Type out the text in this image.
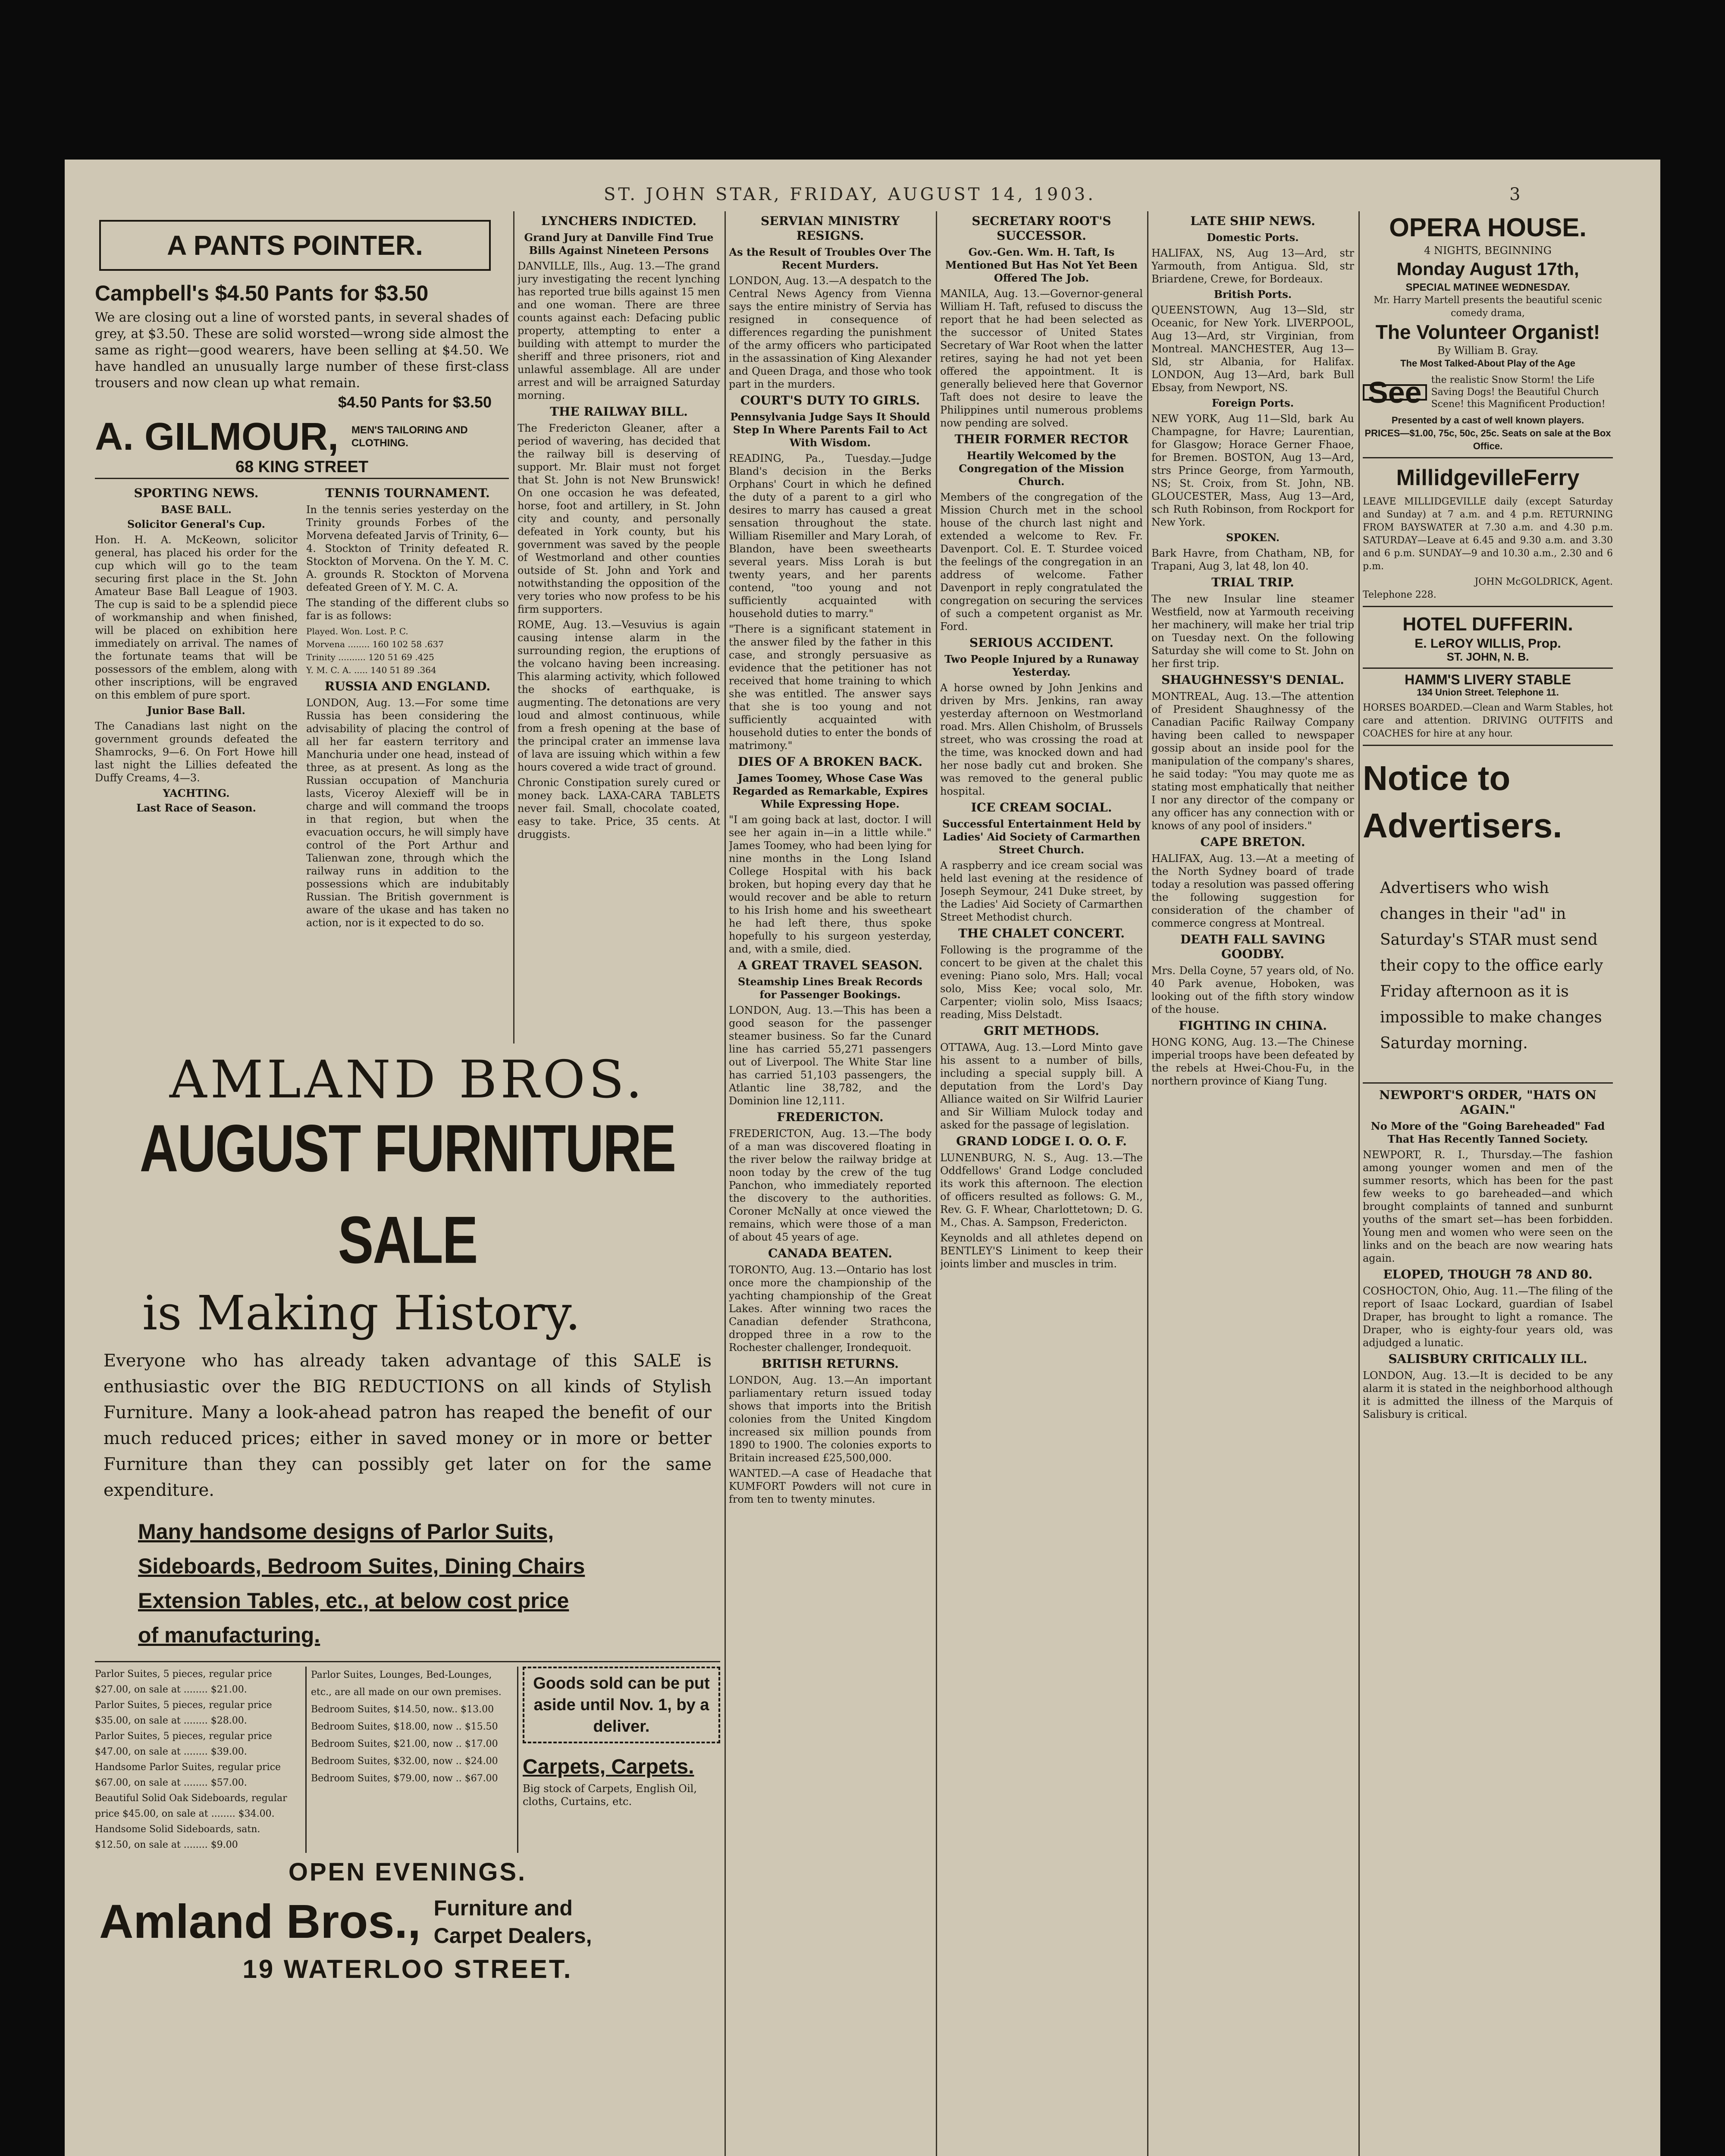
ST. JOHN STAR, FRIDAY, AUGUST 14, 1903.	3
A PANTS POINTER.
Campbell's $4.50 Pants for $3.50
We are closing out a line of worsted pants, in several shades of grey, at $3.50. These are solid worsted—wrong side almost the same as right—good wearers, have been selling at $4.50. We have handled an unusually large number of these first-class trousers and now clean up what remain.
$4.50 Pants for $3.50
A. GILMOUR, MEN'S TAILORING AND CLOTHING.
68 KING STREET
SPORTING NEWS.
BASE BALL.
Solicitor General's Cup.
Hon. H. A. McKeown, solicitor general, has placed his order for the cup which will go to the team securing first place in the St. John Amateur Base Ball League of 1903. The cup is said to be a splendid piece of workmanship and when finished, will be placed on exhibition here immediately on arrival. The names of the fortunate teams that will be possessors of the emblem, along with other inscriptions, will be engraved on this emblem of pure sport.
Junior Base Ball.
The Canadians last night on the government grounds defeated the Shamrocks, 9—6. On Fort Howe hill last night the Lillies defeated the Duffy Creams, 4—3.
YACHTING.
Last Race of Season.
TENNIS TOURNAMENT.
In the tennis series yesterday on the Trinity grounds Forbes of the Morvena defeated Jarvis of Trinity, 6—4. Stockton of Trinity defeated R. Stockton of Morvena. On the Y. M. C. A. grounds R. Stockton of Morvena defeated Green of Y. M. C. A.
The standing of the different clubs so far is as follows:
Played. Won. Lost. P. C.
Morvena ........ 160 102 58 .637
Trinity .......... 120 51 69 .425
Y. M. C. A. ..... 140 51 89 .364
RUSSIA AND ENGLAND.
LONDON, Aug. 13.—For some time Russia has been considering the advisability of placing the control of all her far eastern territory and Manchuria under one head, instead of three, as at present. As long as the Russian occupation of Manchuria lasts, Viceroy Alexieff will be in charge and will command the troops in that region, but when the evacuation occurs, he will simply have control of the Port Arthur and Talienwan zone, through which the railway runs in addition to the possessions which are indubitably Russian. The British government is aware of the ukase and has taken no action, nor is it expected to do so.
AMLAND BROS.
AUGUST FURNITURE SALE
is Making History.
Everyone who has already taken advantage of this SALE is enthusiastic over the BIG REDUCTIONS on all kinds of Stylish Furniture. Many a look-ahead patron has reaped the benefit of our much reduced prices; either in saved money or in more or better Furniture than they can possibly get later on for the same expenditure.
Many handsome designs of Parlor Suits,
Sideboards, Bedroom Suites, Dining Chairs
Extension Tables, etc., at below cost price
of manufacturing.
Parlor Suites, 5 pieces, regular price $27.00, on sale at ........ $21.00.
Parlor Suites, 5 pieces, regular price $35.00, on sale at ........ $28.00.
Parlor Suites, 5 pieces, regular price $47.00, on sale at ........ $39.00.
Handsome Parlor Suites, regular price $67.00, on sale at ........ $57.00.
Beautiful Solid Oak Sideboards, regular price $45.00, on sale at ........ $34.00.
Handsome Solid Sideboards, satn. $12.50, on sale at ........ $9.00
Parlor Suites, Lounges, Bed-Lounges, etc., are all made on our own premises.
Bedroom Suites, $14.50, now.. $13.00
Bedroom Suites, $18.00, now .. $15.50
Bedroom Suites, $21.00, now .. $17.00
Bedroom Suites, $32.00, now .. $24.00
Bedroom Suites, $79.00, now .. $67.00
Goods sold can be put aside until Nov. 1, by a deliver.
Carpets, Carpets.
Big stock of Carpets, English Oil, cloths, Curtains, etc.
OPEN EVENINGS.
Amland Bros., Furniture and Carpet Dealers,
19 WATERLOO STREET.
LYNCHERS INDICTED.
Grand Jury at Danville Find True Bills Against Nineteen Persons
DANVILLE, Ills., Aug. 13.—The grand jury investigating the recent lynching has reported true bills against 15 men and one woman. There are three counts against each: Defacing public property, attempting to enter a building with attempt to murder the sheriff and three prisoners, riot and unlawful assemblage. All are under arrest and will be arraigned Saturday morning.
THE RAILWAY BILL.
The Fredericton Gleaner, after a period of wavering, has decided that the railway bill is deserving of support. Mr. Blair must not forget that St. John is not New Brunswick! On one occasion he was defeated, horse, foot and artillery, in St. John city and county, and personally defeated in York county, but his government was saved by the people of Westmorland and other counties outside of St. John and York and notwithstanding the opposition of the very tories who now profess to be his firm supporters.
ROME, Aug. 13.—Vesuvius is again causing intense alarm in the surrounding region, the eruptions of the volcano having been increasing. This alarming activity, which followed the shocks of earthquake, is augmenting. The detonations are very loud and almost continuous, while from a fresh opening at the base of the principal crater an immense lava of lava are issuing which within a few hours covered a wide tract of ground.
Chronic Constipation surely cured or money back. LAXA-CARA TABLETS never fail. Small, chocolate coated, easy to take. Price, 35 cents. At druggists.
SERVIAN MINISTRY RESIGNS.
As the Result of Troubles Over The Recent Murders.
LONDON, Aug. 13.—A despatch to the Central News Agency from Vienna says the entire ministry of Servia has resigned in consequence of differences regarding the punishment of the army officers who participated in the assassination of King Alexander and Queen Draga, and those who took part in the murders.
COURT'S DUTY TO GIRLS.
Pennsylvania Judge Says It Should Step In Where Parents Fail to Act With Wisdom.
READING, Pa., Tuesday.—Judge Bland's decision in the Berks Orphans' Court in which he defined the duty of a parent to a girl who desires to marry has caused a great sensation throughout the state. William Risemiller and Mary Lorah, of Blandon, have been sweethearts several years. Miss Lorah is but twenty years, and her parents contend, "too young and not sufficiently acquainted with household duties to marry."
"There is a significant statement in the answer filed by the father in this case, and strongly persuasive as evidence that the petitioner has not received that home training to which she was entitled. The answer says that she is too young and not sufficiently acquainted with household duties to enter the bonds of matrimony."
DIES OF A BROKEN BACK.
James Toomey, Whose Case Was Regarded as Remarkable, Expires While Expressing Hope.
"I am going back at last, doctor. I will see her again in—in a little while." James Toomey, who had been lying for nine months in the Long Island College Hospital with his back broken, but hoping every day that he would recover and be able to return to his Irish home and his sweetheart he had left there, thus spoke hopefully to his surgeon yesterday, and, with a smile, died.
A GREAT TRAVEL SEASON.
Steamship Lines Break Records for Passenger Bookings.
LONDON, Aug. 13.—This has been a good season for the passenger steamer business. So far the Cunard line has carried 55,271 passengers out of Liverpool. The White Star line has carried 51,103 passengers, the Atlantic line 38,782, and the Dominion line 12,111.
FREDERICTON.
FREDERICTON, Aug. 13.—The body of a man was discovered floating in the river below the railway bridge at noon today by the crew of the tug Panchon, who immediately reported the discovery to the authorities. Coroner McNally at once viewed the remains, which were those of a man of about 45 years of age.
CANADA BEATEN.
TORONTO, Aug. 13.—Ontario has lost once more the championship of the yachting championship of the Great Lakes. After winning two races the Canadian defender Strathcona, dropped three in a row to the Rochester challenger, Irondequoit.
BRITISH RETURNS.
LONDON, Aug. 13.—An important parliamentary return issued today shows that imports into the British colonies from the United Kingdom increased six million pounds from 1890 to 1900. The colonies exports to Britain increased £25,500,000.
WANTED.—A case of Headache that KUMFORT Powders will not cure in from ten to twenty minutes.
SECRETARY ROOT'S SUCCESSOR.
Gov.-Gen. Wm. H. Taft, Is Mentioned But Has Not Yet Been Offered The Job.
MANILA, Aug. 13.—Governor-general William H. Taft, refused to discuss the report that he had been selected as the successor of United States Secretary of War Root when the latter retires, saying he had not yet been offered the appointment. It is generally believed here that Governor Taft does not desire to leave the Philippines until numerous problems now pending are solved.
THEIR FORMER RECTOR
Heartily Welcomed by the Congregation of the Mission Church.
Members of the congregation of the Mission Church met in the school house of the church last night and extended a welcome to Rev. Fr. Davenport. Col. E. T. Sturdee voiced the feelings of the congregation in an address of welcome. Father Davenport in reply congratulated the congregation on securing the services of such a competent organist as Mr. Ford.
SERIOUS ACCIDENT.
Two People Injured by a Runaway Yesterday.
A horse owned by John Jenkins and driven by Mrs. Jenkins, ran away yesterday afternoon on Westmorland road. Mrs. Allen Chisholm, of Brussels street, who was crossing the road at the time, was knocked down and had her nose badly cut and broken. She was removed to the general public hospital.
ICE CREAM SOCIAL.
Successful Entertainment Held by Ladies' Aid Society of Carmarthen Street Church.
A raspberry and ice cream social was held last evening at the residence of Joseph Seymour, 241 Duke street, by the Ladies' Aid Society of Carmarthen Street Methodist church.
THE CHALET CONCERT.
Following is the programme of the concert to be given at the chalet this evening: Piano solo, Mrs. Hall; vocal solo, Miss Kee; vocal solo, Mr. Carpenter; violin solo, Miss Isaacs; reading, Miss Delstadt.
GRIT METHODS.
OTTAWA, Aug. 13.—Lord Minto gave his assent to a number of bills, including a special supply bill. A deputation from the Lord's Day Alliance waited on Sir Wilfrid Laurier and Sir William Mulock today and asked for the passage of legislation.
GRAND LODGE I. O. O. F.
LUNENBURG, N. S., Aug. 13.—The Oddfellows' Grand Lodge concluded its work this afternoon. The election of officers resulted as follows: G. M., Rev. G. F. Whear, Charlottetown; D. G. M., Chas. A. Sampson, Fredericton.
Keynolds and all athletes depend on BENTLEY'S Liniment to keep their joints limber and muscles in trim.
LATE SHIP NEWS.
Domestic Ports.
HALIFAX, NS, Aug 13—Ard, str Yarmouth, from Antigua. Sld, str Briardene, Crewe, for Bordeaux.
British Ports.
QUEENSTOWN, Aug 13—Sld, str Oceanic, for New York. LIVERPOOL, Aug 13—Ard, str Virginian, from Montreal. MANCHESTER, Aug 13—Sld, str Albania, for Halifax. LONDON, Aug 13—Ard, bark Bull Ebsay, from Newport, NS.
Foreign Ports.
NEW YORK, Aug 11—Sld, bark Au Champagne, for Havre; Laurentian, for Glasgow; Horace Gerner Fhaoe, for Bremen. BOSTON, Aug 13—Ard, strs Prince George, from Yarmouth, NS; St. Croix, from St. John, NB. GLOUCESTER, Mass, Aug 13—Ard, sch Ruth Robinson, from Rockport for New York.
SPOKEN.
Bark Havre, from Chatham, NB, for Trapani, Aug 3, lat 48, lon 40.
TRIAL TRIP.
The new Insular line steamer Westfield, now at Yarmouth receiving her machinery, will make her trial trip on Tuesday next. On the following Saturday she will come to St. John on her first trip.
SHAUGHNESSY'S DENIAL.
MONTREAL, Aug. 13.—The attention of President Shaughnessy of the Canadian Pacific Railway Company having been called to newspaper gossip about an inside pool for the manipulation of the company's shares, he said today: "You may quote me as stating most emphatically that neither I nor any director of the company or any officer has any connection with or knows of any pool of insiders."
CAPE BRETON.
HALIFAX, Aug. 13.—At a meeting of the North Sydney board of trade today a resolution was passed offering the following suggestion for consideration of the chamber of commerce congress at Montreal.
DEATH FALL SAVING GOODBY.
Mrs. Della Coyne, 57 years old, of No. 40 Park avenue, Hoboken, was looking out of the fifth story window of the house.
FIGHTING IN CHINA.
HONG KONG, Aug. 13.—The Chinese imperial troops have been defeated by the rebels at Hwei-Chou-Fu, in the northern province of Kiang Tung.
OPERA HOUSE.
4 NIGHTS, BEGINNING
Monday August 17th,
SPECIAL MATINEE WEDNESDAY.
Mr. Harry Martell presents the beautiful scenic comedy drama,
The Volunteer Organist!
By William B. Gray.
The Most Talked-About Play of the Age
See	the realistic Snow Storm! the Life Saving Dogs! the Beautiful Church Scene! this Magnificent Production!
Presented by a cast of well known players.
PRICES—$1.00, 75c, 50c, 25c. Seats on sale at the Box Office.
MillidgevilleFerry
LEAVE MILLIDGEVILLE daily (except Saturday and Sunday) at 7 a.m. and 4 p.m. RETURNING FROM BAYSWATER at 7.30 a.m. and 4.30 p.m. SATURDAY—Leave at 6.45 and 9.30 a.m. and 3.30 and 6 p.m. SUNDAY—9 and 10.30 a.m., 2.30 and 6 p.m.
JOHN McGOLDRICK, Agent.
Telephone 228.
HOTEL DUFFERIN.
E. LeROY WILLIS, Prop.
ST. JOHN, N. B.
HAMM'S LIVERY STABLE
134 Union Street. Telephone 11.
HORSES BOARDED.—Clean and Warm Stables, hot care and attention. DRIVING OUTFITS and COACHES for hire at any hour.
Notice to
Advertisers.
Advertisers who wish changes in their "ad" in Saturday's STAR must send their copy to the office early Friday afternoon as it is impossible to make changes Saturday morning.
NEWPORT'S ORDER, "HATS ON AGAIN."
No More of the "Going Bareheaded" Fad That Has Recently Tanned Society.
NEWPORT, R. I., Thursday.—The fashion among younger women and men of the summer resorts, which has been for the past few weeks to go bareheaded—and which brought complaints of tanned and sunburnt youths of the smart set—has been forbidden. Young men and women who were seen on the links and on the beach are now wearing hats again.
ELOPED, THOUGH 78 AND 80.
COSHOCTON, Ohio, Aug. 11.—The filing of the report of Isaac Lockard, guardian of Isabel Draper, has brought to light a romance. The Draper, who is eighty-four years old, was adjudged a lunatic.
SALISBURY CRITICALLY ILL.
LONDON, Aug. 13.—It is decided to be any alarm it is stated in the neighborhood although it is admitted the illness of the Marquis of Salisbury is critical.
